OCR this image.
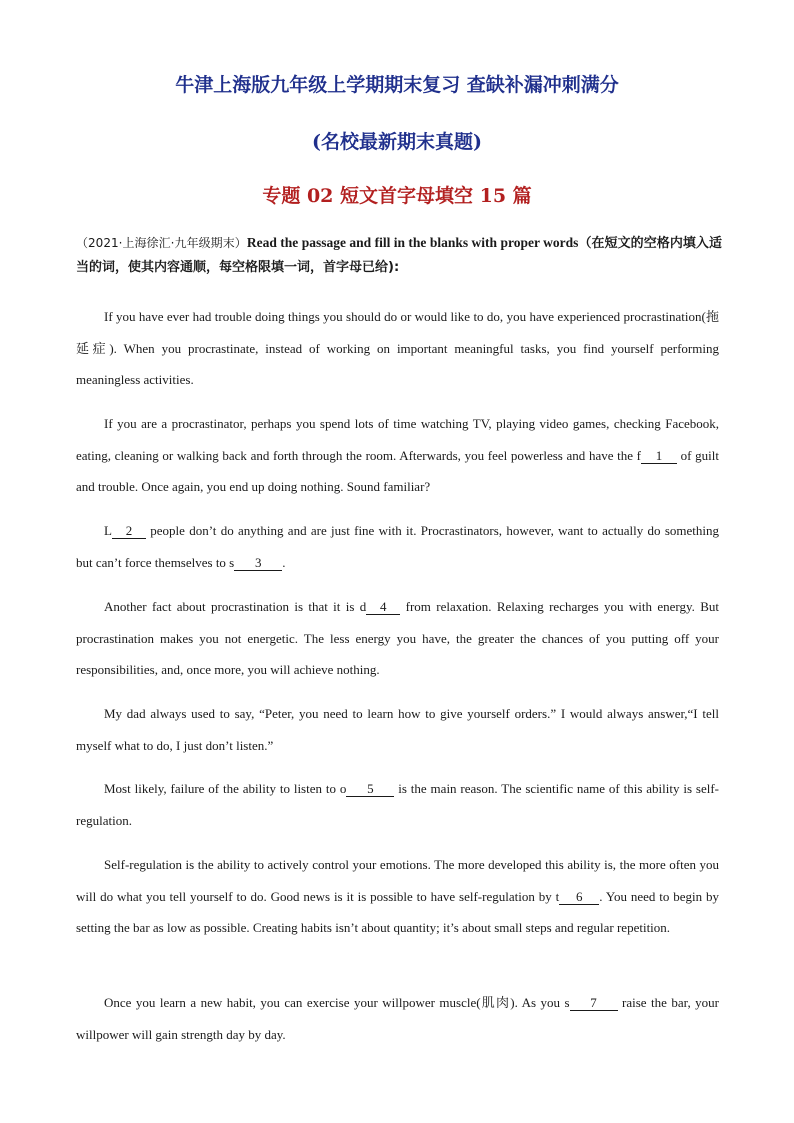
牛津上海版九年级上学期期末复习 查缺补漏冲刺满分
(名校最新期末真题)
专题 02 短文首字母填空 15 篇
（2021·上海徐汇·九年级期末）Read the passage and fill in the blanks with proper words（在短文的空格内填入适当的词，使其内容通顺，每空格限填一词，首字母已给):

If you have ever had trouble doing things you should do or would like to do, you have experienced procrastination(拖延症). When you procrastinate, instead of working on important meaningful tasks, you find yourself performing meaningless activities.

If you are a procrastinator, perhaps you spend lots of time watching TV, playing video games, checking Facebook, eating, cleaning or walking back and forth through the room. Afterwards, you feel powerless and have the f 1 of guilt and trouble. Once again, you end up doing nothing. Sound familiar?

L 2 people don’t do anything and are just fine with it. Procrastinators, however, want to actually do something but can’t force themselves to s 3 .

Another fact about procrastination is that it is d 4 from relaxation. Relaxing recharges you with energy. But procrastination makes you not energetic. The less energy you have, the greater the chances of you putting off your responsibilities, and, once more, you will achieve nothing.

My dad always used to say, “Peter, you need to learn how to give yourself orders.” I would always answer,“I tell myself what to do, I just don’t listen.”

Most likely, failure of the ability to listen to o 5 is the main reason. The scientific name of this ability is self-regulation.

Self-regulation is the ability to actively control your emotions. The more developed this ability is, the more often you will do what you tell yourself to do. Good news is it is possible to have self-regulation by t 6 . You need to begin by setting the bar as low as possible. Creating habits isn’t about quantity; it’s about small steps and regular repetition.

Once you learn a new habit, you can exercise your willpower muscle(肌肉). As you s 7 raise the bar, your willpower will gain strength day by day.
